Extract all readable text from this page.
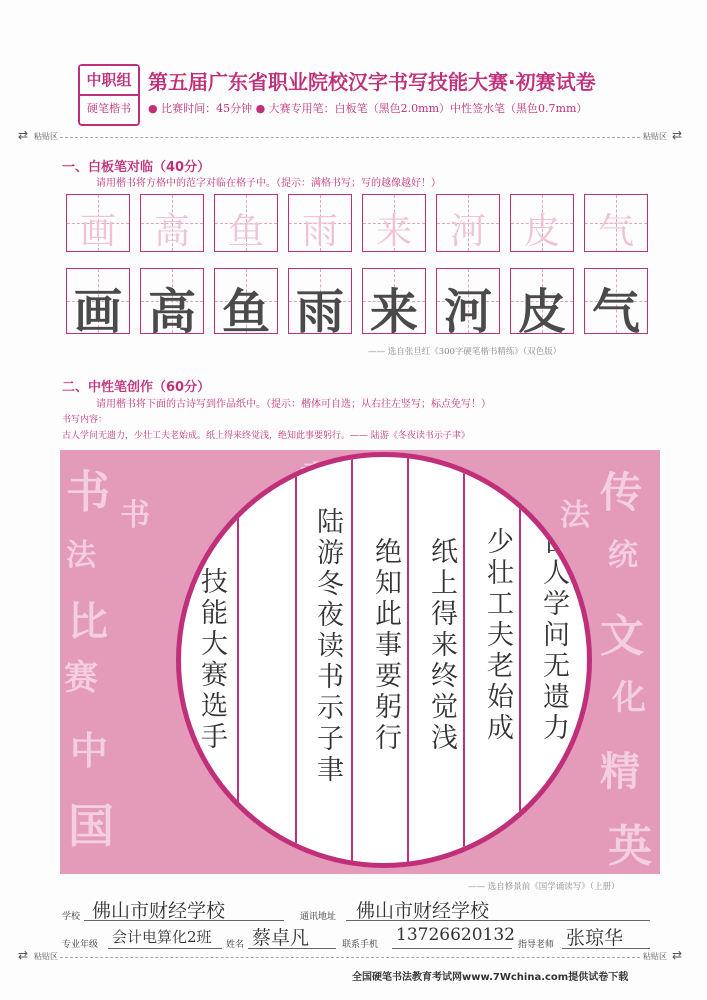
中职组
硬笔楷书
第五届广东省职业院校汉字书写技能大赛·初赛试卷
● 比赛时间：45分钟 ● 大赛专用笔：白板笔（黑色2.0mm）中性签水笔（黑色0.7mm）
⇄ 粘贴区	粘贴区 ⇄
一、白板笔对临（40分）
请用楷书将方格中的范字对临在格子中。（提示：满格书写；写的越像越好！）
画	高	鱼	雨	来	河	皮	气
画 高 鱼 雨 来 河 皮 气
—— 选自张旦红《300字硬笔楷书精练》（双色版）
二、中性笔创作（60分）
请用楷书将下面的古诗写到作品纸中。（提示：楷体可自选；从右往左竖写；标点免写！）
书写内容：
古人学问无遗力，少壮工夫老始成。纸上得来终觉浅，绝知此事要躬行。—— 陆游《冬夜读书示子聿》
书
法
比
赛
中
国
传
统
文
化
精
英
书	法
古人学问无遗力
少壮工夫老始成
纸上得来终觉浅
绝知此事要躬行
陆游冬夜读书示子聿
技能大赛选手
—— 选自修景前《国学诵读写》（上册）
学校 佛山市财经学校	通讯地址 佛山市财经学校
专业年级 会计电算化2班 姓名 蔡卓凡	联系手机 13726620132 指导老师 张琼华
⇄ 粘贴区	粘贴区 ⇄
全国硬笔书法教育考试网www.7Wchina.com提供试卷下载
